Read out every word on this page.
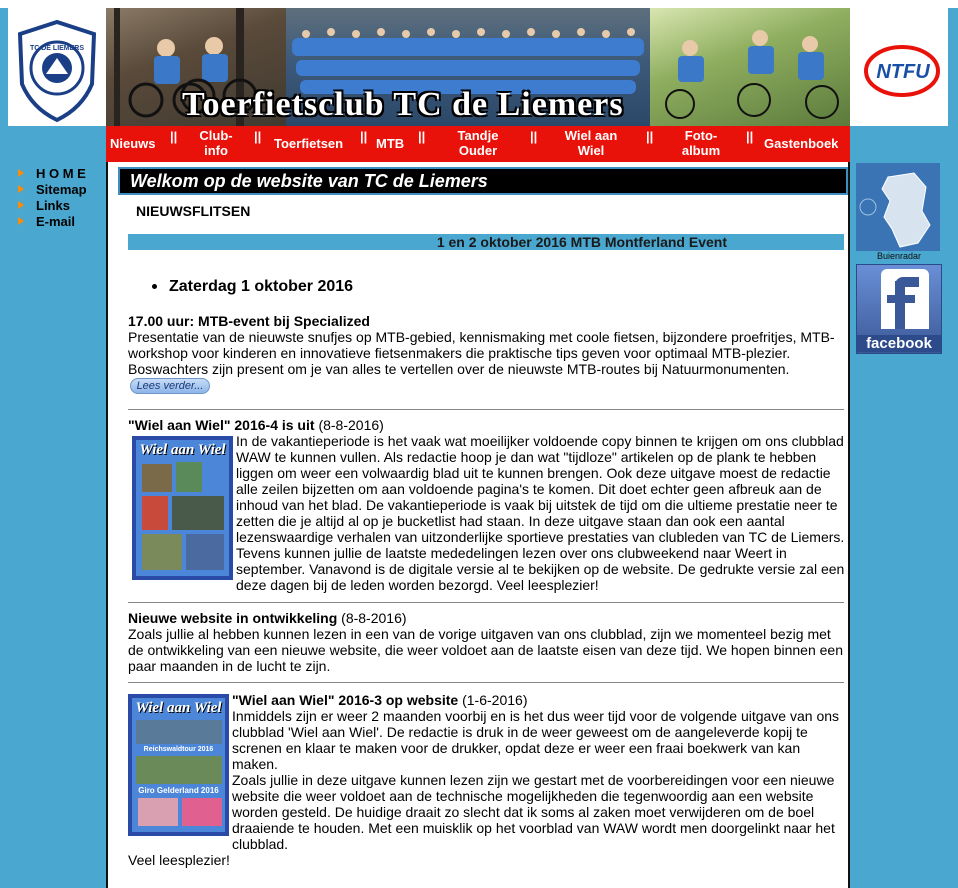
TC DE LIEMERS
Toerfietsclub TC de Liemers
NTFU
Nieuws ||	Club-
info
|| Toerfietsen || MTB ||	Tandje
Ouder
||	Wiel aan
Wiel
||	Foto-
album
|| Gastenboek
H O M E
Sitemap
Links
E-mail
Welkom op de website van TC de Liemers
NIEUWSFLITSEN
1 en 2 oktober 2016 MTB Montferland Event
Zaterdag 1 oktober 2016
17.00 uur: MTB-event bij Specialized
Presentatie van de nieuwste snufjes op MTB-gebied, kennismaking met coole fietsen, bijzondere proefritjes, MTB-workshop voor kinderen en innovatieve fietsenmakers die praktische tips geven voor optimaal MTB-plezier. Boswachters zijn present om je van alles te vertellen over de nieuwste MTB-routes bij Natuurmonumenten.
Lees verder...
"Wiel aan Wiel" 2016-4 is uit (8-8-2016)
Wiel aan Wiel
In de vakantieperiode is het vaak wat moeilijker voldoende copy binnen te krijgen om ons clubblad WAW te kunnen vullen. Als redactie hoop je dan wat "tijdloze" artikelen op de plank te hebben liggen om weer een volwaardig blad uit te kunnen brengen. Ook deze uitgave moest de redactie alle zeilen bijzetten om aan voldoende pagina's te komen. Dit doet echter geen afbreuk aan de inhoud van het blad. De vakantieperiode is vaak bij uitstek de tijd om die ultieme prestatie neer te zetten die je altijd al op je bucketlist had staan. In deze uitgave staan dan ook een aantal lezenswaardige verhalen van uitzonderlijke sportieve prestaties van clubleden van TC de Liemers. Tevens kunnen jullie de laatste mededelingen lezen over ons clubweekend naar Weert in september. Vanavond is de digitale versie al te bekijken op de website. De gedrukte versie zal een deze dagen bij de leden worden bezorgd. Veel leesplezier!
Nieuwe website in ontwikkeling (8-8-2016)
Zoals jullie al hebben kunnen lezen in een van de vorige uitgaven van ons clubblad, zijn we momenteel bezig met de ontwikkeling van een nieuwe website, die weer voldoet aan de laatste eisen van deze tijd. We hopen binnen een paar maanden in de lucht te zijn.
Wiel aan Wiel
Reichswaldtour 2016
Giro Gelderland 2016
"Wiel aan Wiel" 2016-3 op website (1-6-2016)
Inmiddels zijn er weer 2 maanden voorbij en is het dus weer tijd voor de volgende uitgave van ons clubblad 'Wiel aan Wiel'. De redactie is druk in de weer geweest om de aangeleverde kopij te screnen en klaar te maken voor de drukker, opdat deze er weer een fraai boekwerk van kan maken.
Zoals jullie in deze uitgave kunnen lezen zijn we gestart met de voorbereidingen voor een nieuwe website die weer voldoet aan de technische mogelijkheden die tegenwoordig aan een website worden gesteld. De huidige draait zo slecht dat ik soms al zaken moet verwijderen om de boel draaiende te houden. Met een muisklik op het voorblad van WAW wordt men doorgelinkt naar het clubblad.
Veel leesplezier!
Buienradar
facebook
